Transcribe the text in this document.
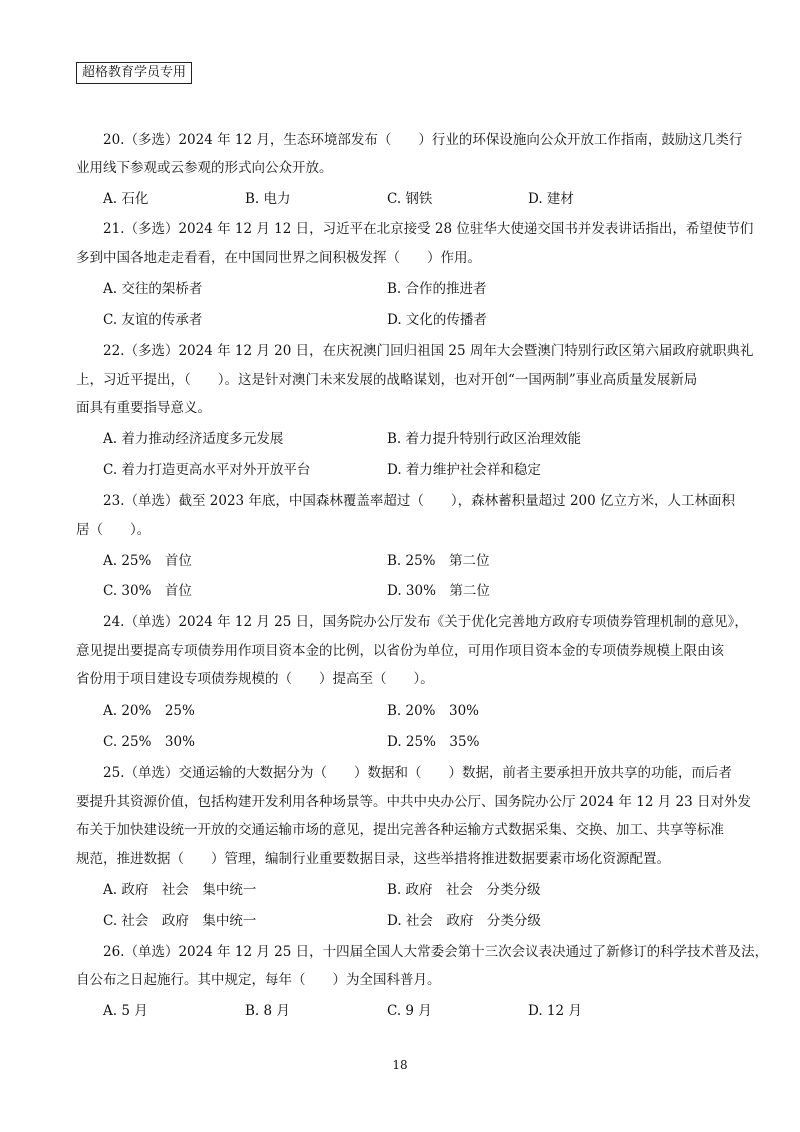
超格教育学员专用
20.（多选）2024 年 12 月，生态环境部发布（　　）行业的环保设施向公众开放工作指南，鼓励这几类行
业用线下参观或云参观的形式向公众开放。
A. 石化	B. 电力	C. 钢铁	D. 建材
21.（多选）2024 年 12 月 12 日，习近平在北京接受 28 位驻华大使递交国书并发表讲话指出，希望使节们
多到中国各地走走看看，在中国同世界之间积极发挥（　　）作用。
A. 交往的架桥者	B. 合作的推进者
C. 友谊的传承者	D. 文化的传播者
22.（多选）2024 年 12 月 20 日，在庆祝澳门回归祖国 25 周年大会暨澳门特别行政区第六届政府就职典礼
上，习近平提出，（　　）。这是针对澳门未来发展的战略谋划，也对开创“一国两制”事业高质量发展新局
面具有重要指导意义。
A. 着力推动经济适度多元发展	B. 着力提升特别行政区治理效能
C. 着力打造更高水平对外开放平台	D. 着力维护社会祥和稳定
23.（单选）截至 2023 年底，中国森林覆盖率超过（　　），森林蓄积量超过 200 亿立方米，人工林面积
居（　　）。
A. 25%　首位	B. 25%　第二位
C. 30%　首位	D. 30%　第二位
24.（单选）2024 年 12 月 25 日，国务院办公厅发布《关于优化完善地方政府专项债券管理机制的意见》，
意见提出要提高专项债券用作项目资本金的比例，以省份为单位，可用作项目资本金的专项债券规模上限由该
省份用于项目建设专项债券规模的（　　）提高至（　　）。
A. 20%　25%	B. 20%　30%
C. 25%　30%	D. 25%　35%
25.（单选）交通运输的大数据分为（　　）数据和（　　）数据，前者主要承担开放共享的功能，而后者
要提升其资源价值，包括构建开发利用各种场景等。中共中央办公厅、国务院办公厅 2024 年 12 月 23 日对外发
布关于加快建设统一开放的交通运输市场的意见，提出完善各种运输方式数据采集、交换、加工、共享等标准
规范，推进数据（　　）管理，编制行业重要数据目录，这些举措将推进数据要素市场化资源配置。
A. 政府　社会　集中统一	B. 政府　社会　分类分级
C. 社会　政府　集中统一	D. 社会　政府　分类分级
26.（单选）2024 年 12 月 25 日，十四届全国人大常委会第十三次会议表决通过了新修订的科学技术普及法，
自公布之日起施行。其中规定，每年（　　）为全国科普月。
A. 5 月	B. 8 月	C. 9 月	D. 12 月
18
